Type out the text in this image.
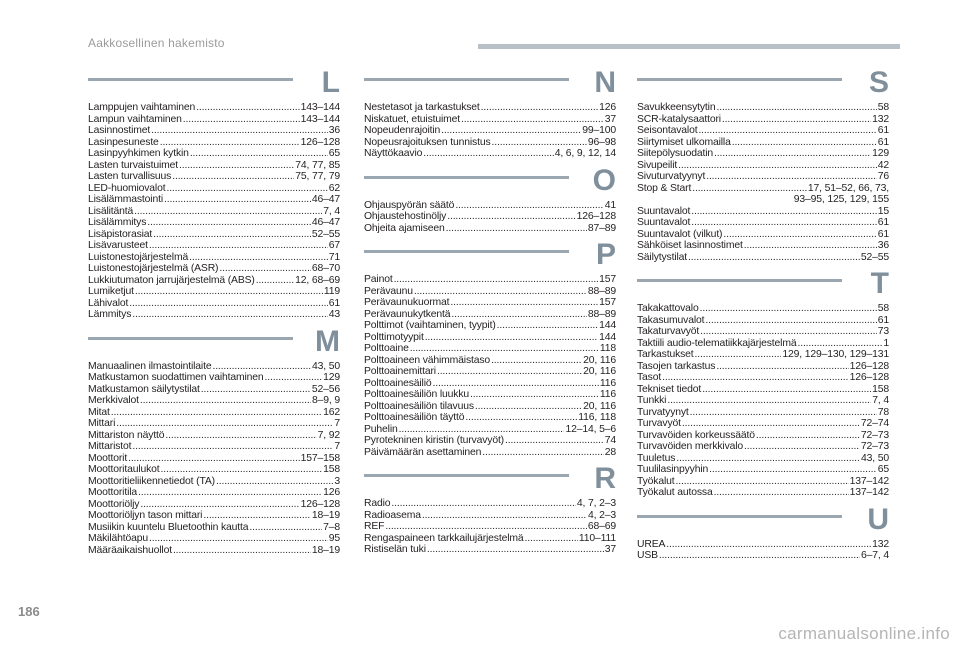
Aakkosellinen hakemisto
L
Lamppujen vaihtaminen .....	143–144
Lampun vaihtaminen .....	143–144
Lasinnostimet .....	36
Lasinpesuneste .....	126–128
Lasinpyyhkimen kytkin .....	65
Lasten turvaistuimet .....	74, 77, 85
Lasten turvallisuus .....	75, 77, 79
LED-huomiovalot .....	62
Lisälämmastointi .....	46–47
Lisälitäntä .....	7, 4
Lisälämmitys .....	46–47
Lisäpistorasiat .....	52–55
Lisävarusteet .....	67
Luistonestojärjestelmä .....	71
Luistonestojärjestelmä (ASR) .....	68–70
Lukkiutumaton jarrujärjestelmä (ABS) .....	12, 68–69
Lumiketjut .....	119
Lähivalot .....	61
Lämmitys .....	43
M
Manuaalinen ilmastointilaite .....	43, 50
Matkustamon suodattimen vaihtaminen .....	129
Matkustamon säilytystilat .....	52–56
Merkkivalot .....	8–9, 9
Mitat .....	162
Mittari .....	7
Mittariston näyttö .....	7, 92
Mittaristot .....	7
Moottorit .....	157–158
Moottoritaulukot .....	158
Moottoritieliikennetiedot (TA) .....	3
Moottoritila .....	126
Moottoriöljy .....	126–128
Moottoriöljyn tason mittari .....	18–19
Musiikin kuuntelu Bluetoothin kautta .....	7–8
Mäkilähtöapu .....	95
Määräaikaishuollot .....	18–19
N
Nestetasot ja tarkastukset .....	126
Niskatuet, etuistuimet .....	37
Nopeudenrajoitin .....	99–100
Nopeusrajoituksen tunnistus .....	96–98
Näyttökaavio .....	4, 6, 9, 12, 14
O
Ohjauspyörän säätö .....	41
Ohjaustehostinöljy .....	126–128
Ohjeita ajamiseen .....	87–89
P
Painot .....	157
Perävaunu .....	88–89
Perävaunukuormat .....	157
Perävaunukytkentä .....	88–89
Polttimot (vaihtaminen, tyypit) .....	144
Polttimotyypit .....	144
Polttoaine .....	118
Polttoaineen vähimmäistaso .....	20, 116
Polttoainemittari .....	20, 116
Polttoainesäiliö .....	116
Polttoainesäiliön luukku .....	116
Polttoainesäiliön tilavuus .....	20, 116
Polttoainesäiliön täyttö .....	116, 118
Puhelin .....	12–14, 5–6
Pyrotekninen kiristin (turvavyöt) .....	74
Päivämäärän asettaminen .....	28
R
Radio .....	4, 7, 2–3
Radioasema .....	4, 2–3
REF .....	68–69
Rengaspaineen tarkkailujärjestelmä .....	110–111
Ristiselän tuki .....	37
S
Savukkeensytytin .....	58
SCR-katalysaattori .....	132
Seisontavalot .....	61
Siirtymiset ulkomailla .....	61
Siitepölysuodatin .....	129
Sivupeilit .....	42
Sivuturvatyynyt .....	76
Stop & Start .....	17, 51–52, 66, 73,
93–95, 125, 129, 155
Suuntavalot .....	15
Suuntavalot .....	61
Suuntavalot (vilkut) .....	61
Sähköiset lasinnostimet .....	36
Säilytystilat .....	52–55
T
Takakattovalo .....	58
Takasumuvalot .....	61
Takaturvavyöt .....	73
Taktiili audio-telematiikkajärjestelmä .....	1
Tarkastukset .....	129, 129–130, 129–131
Tasojen tarkastus .....	126–128
Tasot .....	126–128
Tekniset tiedot .....	158
Tunkki .....	7, 4
Turvatyynyt .....	78
Turvavyöt .....	72–74
Turvavöiden korkeussäätö .....	72–73
Turvavöiden merkkivalo .....	72–73
Tuuletus .....	43, 50
Tuulilasinpyyhin .....	65
Työkalut .....	137–142
Työkalut autossa .....	137–142
U
UREA .....	132
USB .....	6–7, 4
186
carmanualsonline.info
